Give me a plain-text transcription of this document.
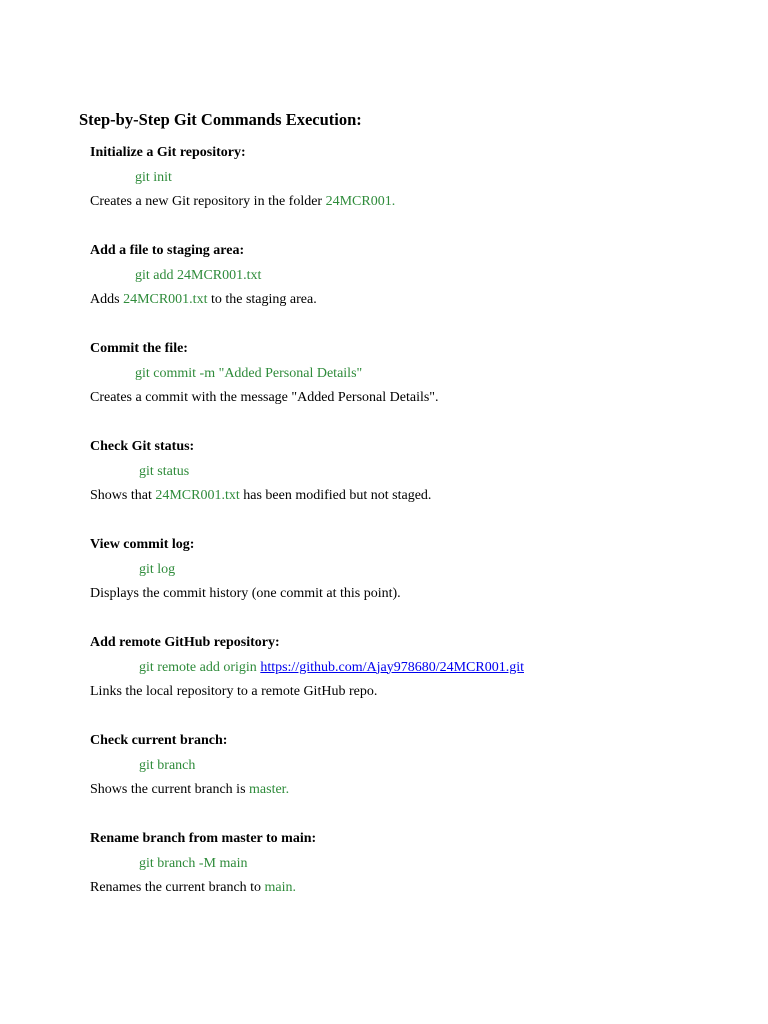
Step-by-Step Git Commands Execution:
Initialize a Git repository:
git init
Creates a new Git repository in the folder 24MCR001.
Add a file to staging area:
git add 24MCR001.txt
Adds 24MCR001.txt to the staging area.
Commit the file:
git commit -m "Added Personal Details"
Creates a commit with the message "Added Personal Details".
Check Git status:
git status
Shows that 24MCR001.txt has been modified but not staged.
View commit log:
git log
Displays the commit history (one commit at this point).
Add remote GitHub repository:
git remote add origin https://github.com/Ajay978680/24MCR001.git
Links the local repository to a remote GitHub repo.
Check current branch:
git branch
Shows the current branch is master.
Rename branch from master to main:
git branch -M main
Renames the current branch to main.
